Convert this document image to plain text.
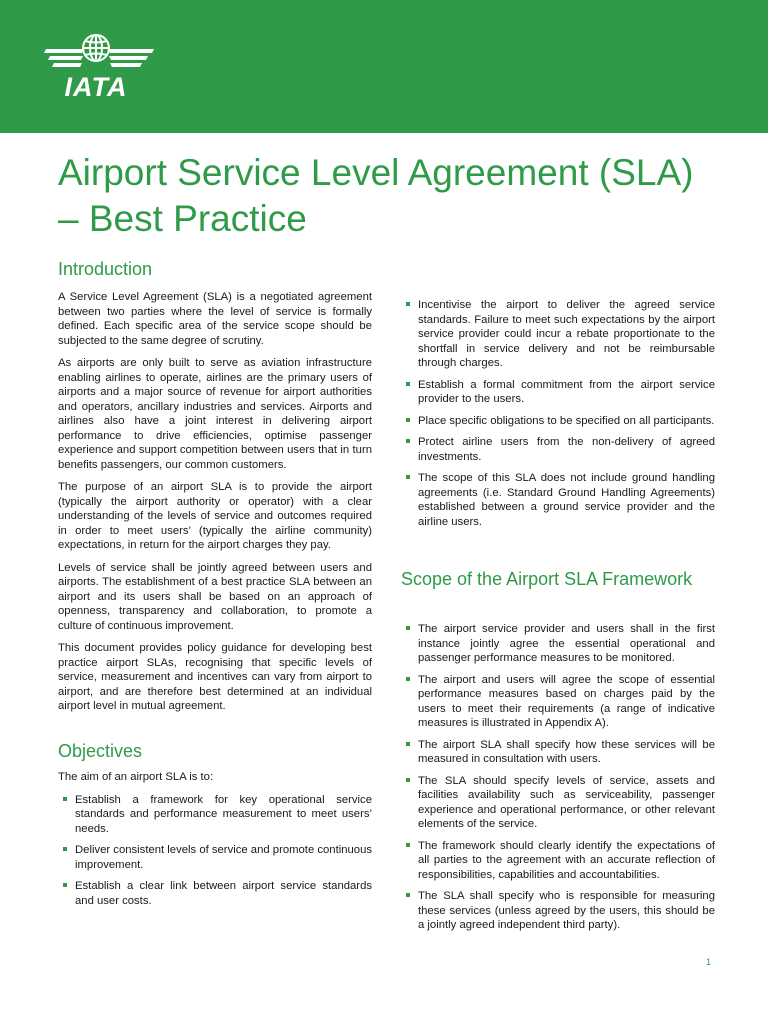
IATA
Airport Service Level Agreement (SLA) – Best Practice
Introduction

A Service Level Agreement (SLA) is a negotiated agreement between two parties where the level of service is formally defined. Each specific area of the service scope should be subjected to the same degree of scrutiny.

As airports are only built to serve as aviation infrastructure enabling airlines to operate, airlines are the primary users of airports and a major source of revenue for airport authorities and operators, ancillary industries and services. Airports and airlines also have a joint interest in delivering airport performance to drive efficiencies, optimise passenger experience and support competition between users that in turn benefits passengers, our common customers.

The purpose of an airport SLA is to provide the airport (typically the airport authority or operator) with a clear understanding of the levels of service and outcomes required in order to meet users’ (typically the airline community) expectations, in return for the airport charges they pay.

Levels of service shall be jointly agreed between users and airports. The establishment of a best practice SLA between an airport and its users shall be based on an approach of openness, transparency and collaboration, to promote a culture of continuous improvement.

This document provides policy guidance for developing best practice airport SLAs, recognising that specific levels of service, measurement and incentives can vary from airport to airport, and are therefore best determined at an individual airport level in mutual agreement.

Objectives

The aim of an airport SLA is to:

Establish a framework for key operational service standards and performance measurement to meet users’ needs.
Deliver consistent levels of service and promote continuous improvement.
Establish a clear link between airport service standards and user costs.
Incentivise the airport to deliver the agreed service standards. Failure to meet such expectations by the airport service provider could incur a rebate proportionate to the shortfall in service delivery and not be reimbursable through charges.
Establish a formal commitment from the airport service provider to the users.
Place specific obligations to be specified on all participants.
Protect airline users from the non-delivery of agreed investments.
The scope of this SLA does not include ground handling agreements (i.e. Standard Ground Handling Agreements) established between a ground service provider and the airline users.
Scope of the Airport SLA Framework
The airport service provider and users shall in the first instance jointly agree the essential operational and passenger performance measures to be monitored.
The airport and users will agree the scope of essential performance measures based on charges paid by the users to meet their requirements (a range of indicative measures is illustrated in Appendix A).
The airport SLA shall specify how these services will be measured in consultation with users.
The SLA should specify levels of service, assets and facilities availability such as serviceability, passenger experience and operational performance, or other relevant elements of the service.
The framework should clearly identify the expectations of all parties to the agreement with an accurate reflection of responsibilities, capabilities and accountabilities.
The SLA shall specify who is responsible for measuring these services (unless agreed by the users, this should be a jointly agreed independent third party).
1
